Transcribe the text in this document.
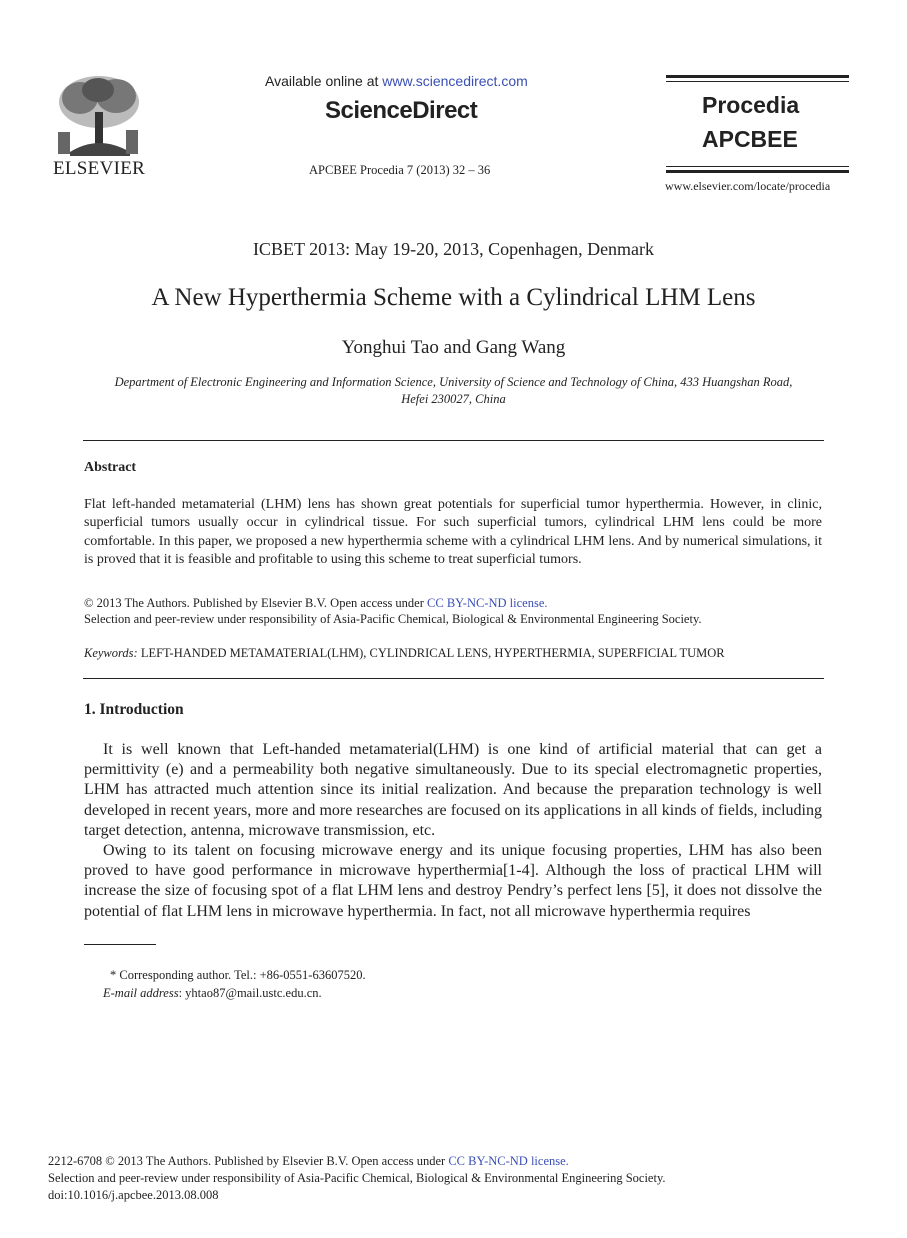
ELSEVIER
Available online at www.sciencedirect.com
ScienceDirect
APCBEE Procedia 7 (2013) 32 – 36
Procedia
APCBEE
www.elsevier.com/locate/procedia
ICBET 2013: May 19-20, 2013, Copenhagen, Denmark
A New Hyperthermia Scheme with a Cylindrical LHM Lens
Yonghui Tao and Gang Wang
Department of Electronic Engineering and Information Science, University of Science and Technology of China, 433 Huangshan Road,
Hefei 230027, China
Abstract

Flat left-handed metamaterial (LHM) lens has shown great potentials for superficial tumor hyperthermia. However, in clinic, superficial tumors usually occur in cylindrical tissue. For such superficial tumors, cylindrical LHM lens could be more comfortable. In this paper, we proposed a new hyperthermia scheme with a cylindrical LHM lens. And by numerical simulations, it is proved that it is feasible and profitable to using this scheme to treat superficial tumors.

© 2013 The Authors. Published by Elsevier B.V. Open access under CC BY-NC-ND license.
Selection and peer-review under responsibility of Asia-Pacific Chemical, Biological & Environmental Engineering Society.
Keywords: LEFT-HANDED METAMATERIAL(LHM), CYLINDRICAL LENS, HYPERTHERMIA, SUPERFICIAL TUMOR
1. Introduction

It is well known that Left-handed metamaterial(LHM) is one kind of artificial material that can get a permittivity (e) and a permeability both negative simultaneously. Due to its special electromagnetic properties, LHM has attracted much attention since its initial realization. And because the preparation technology is well developed in recent years, more and more researches are focused on its applications in all kinds of fields, including target detection, antenna, microwave transmission, etc.

Owing to its talent on focusing microwave energy and its unique focusing properties, LHM has also been proved to have good performance in microwave hyperthermia[1-4]. Although the loss of practical LHM will increase the size of focusing spot of a flat LHM lens and destroy Pendry’s perfect lens [5], it does not dissolve the potential of flat LHM lens in microwave hyperthermia. In fact, not all microwave hyperthermia requires

* Corresponding author. Tel.: +86-0551-63607520.
E-mail address: yhtao87@mail.ustc.edu.cn.
2212-6708 © 2013 The Authors. Published by Elsevier B.V. Open access under CC BY-NC-ND license.
Selection and peer-review under responsibility of Asia-Pacific Chemical, Biological & Environmental Engineering Society.
doi:10.1016/j.apcbee.2013.08.008
